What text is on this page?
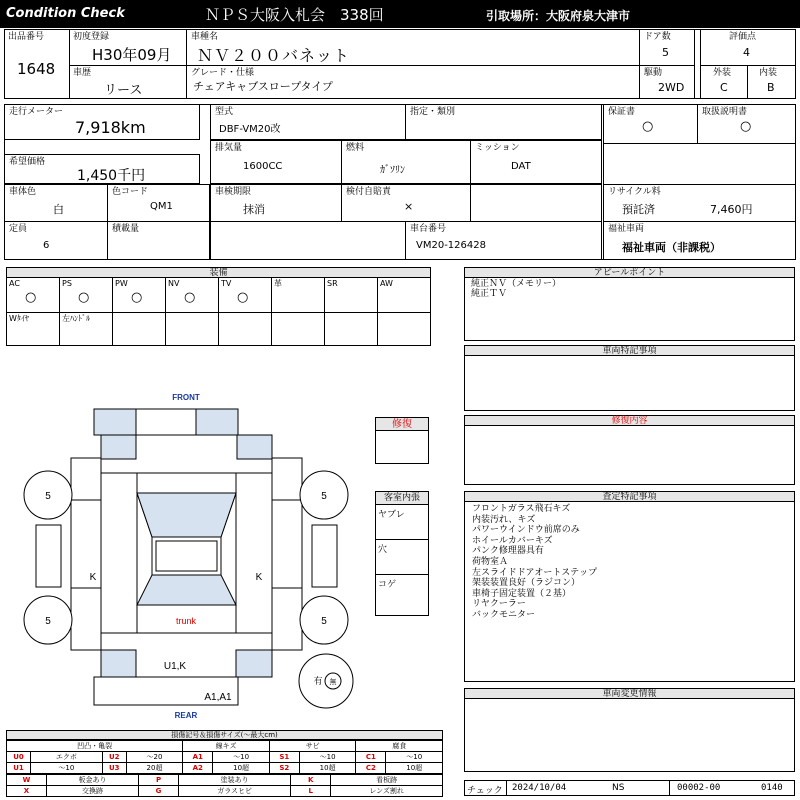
Condition Check	ＮＰＳ大阪入札会　338回	引取場所：大阪府泉大津市
出品番号
1648
初度登録
H30年09月
車歴
リース
車種名
ＮＶ２００バネット
グレード・仕様
チェアキャブスロープタイプ
ドア数
5
駆動
2WD
評価点
4
外装
C
内装
B
走行メーター
7,918km
希望価格
1,450千円
型式
DBF-VM20改
指定・類別
排気量
1600CC
燃料
ｶﾞｿﾘﾝ
ミッション
DAT
保証書
○
取扱説明書
○
車体色
白
色コード
QM1
車検期限
抹消
検付自賠責
×
リサイクル料
預託済	7,460円
定員
6
積載量	車台番号
VM20-126428
福祉車両
福祉車両（非課税）
装備
AC
○
PS
○
PW
○
NV
○
TV
○
革	SR	AW
Wﾀｲﾔ	左ﾊﾝﾄﾞﾙ
アピールポイント
純正ＮＶ（メモリー）
純正ＴＶ
車両特記事項
修復内容
査定特記事項
フロントガラス飛石キズ
内装汚れ、キズ
パワーウインドウ前席のみ
ホイールカバーキズ
パンク修理器具有
荷物室Ａ
左スライドドアオートステップ
架装装置良好（ラジコン）
車椅子固定装置（２基）
リヤクーラー
バックモニター
車両変更情報
チェック 2024/10/04	NS	00002-00	0140
FRONT
REAR
5	5
5	5
K	K
trunk
U1,K
A1,A1
有 無
修復
客室内張
ヤブレ
穴
コゲ
損傷記号＆損傷サイズ(〜最大cm)
凹凸・亀裂				線キズ		サビ		腐食	
U0	エクボ	U2	〜20	A1	〜10	S1	〜10	C1	〜10
U1	〜10	U3	20超	A2	10超	S2	10超	C2	10超
W	板金あり	P	塗装あり	K	看板跡
X	交換跡	G	ガラスヒビ	L	レンズ割れ
